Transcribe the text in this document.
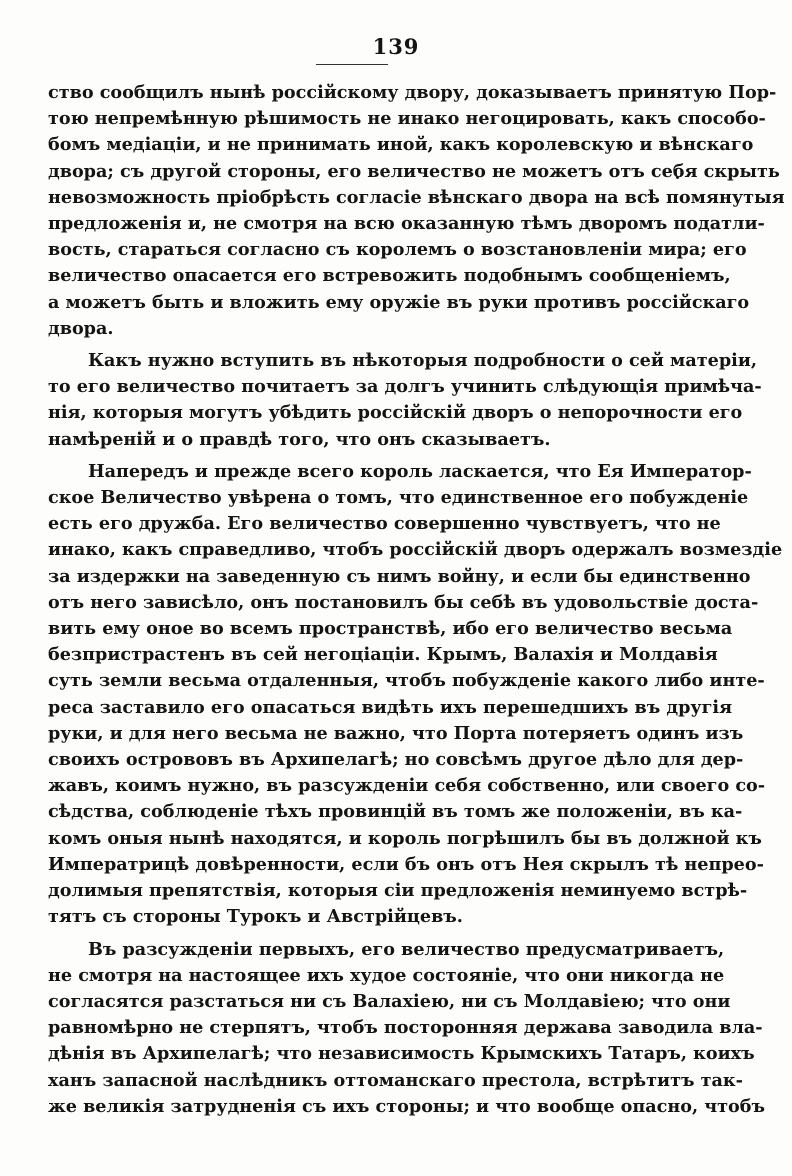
139
ство сообщилъ нынѣ россійскому двору, доказываетъ принятую Пор-
тою непремѣнную рѣшимость не инако негоцировать, какъ способо-
бомъ медіаціи, и не принимать иной, какъ королевскую и вѣнскаго
двора; съ другой стороны, его величество не можетъ отъ себя скрыть
невозможность пріобрѣсть согласіе вѣнскаго двора на всѣ помянутыя
предложенія и, не смотря на всю оказанную тѣмъ дворомъ податли-
вость, стараться согласно съ королемъ о возстановленіи мира; его
величество опасается его встревожить подобнымъ сообщеніемъ,
а можетъ быть и вложить ему оружіе въ руки противъ россійскаго
двора.
Какъ нужно вступить въ нѣкоторыя подробности о сей матеріи,
то его величество почитаетъ за долгъ учинить слѣдующія примѣча-
нія, которыя могутъ убѣдить россійскій дворъ о непорочности его
намѣреній и о правдѣ того, что онъ сказываетъ.
Напередъ и прежде всего король ласкается, что Ея Император-
ское Величество увѣрена о томъ, что единственное его побужденіе
есть его дружба. Его величество совершенно чувствуетъ, что не
инако, какъ справедливо, чтобъ россійскій дворъ одержалъ возмездіе
за издержки на заведенную съ нимъ войну, и если бы единственно
отъ него зависѣло, онъ постановилъ бы себѣ въ удовольствіе доста-
вить ему оное во всемъ пространствѣ, ибо его величество весьма
безпристрастенъ въ сей негоціаціи. Крымъ, Валахія и Молдавія
суть земли весьма отдаленныя, чтобъ побужденіе какого либо инте-
реса заставило его опасаться видѣть ихъ перешедшихъ въ другія
руки, и для него весьма не важно, что Порта потеряетъ одинъ изъ
своихъ острововъ въ Архипелагѣ; но совсѣмъ другое дѣло для дер-
жавъ, коимъ нужно, въ разсужденіи себя собственно, или своего со-
сѣдства, соблюденіе тѣхъ провинцій въ томъ же положеніи, въ ка-
комъ оныя нынѣ находятся, и король погрѣшилъ бы въ должной къ
Императрицѣ довѣренности, если бъ онъ отъ Нея скрылъ тѣ непрео-
долимыя препятствія, которыя сіи предложенія неминуемо встрѣ-
тятъ съ стороны Турокъ и Австрійцевъ.
Въ разсужденіи первыхъ, его величество предусматриваетъ,
не смотря на настоящее ихъ худое состояніе, что они никогда не
согласятся разстаться ни съ Валахіею, ни съ Молдавіею; что они
равномѣрно не стерпятъ, чтобъ посторонняя держава заводила вла-
дѣнія въ Архипелагѣ; что независимость Крымскихъ Татаръ, коихъ
ханъ запасной наслѣдникъ оттоманскаго престола, встрѣтитъ так-
же великія затрудненія съ ихъ стороны; и что вообще опасно, чтобъ
